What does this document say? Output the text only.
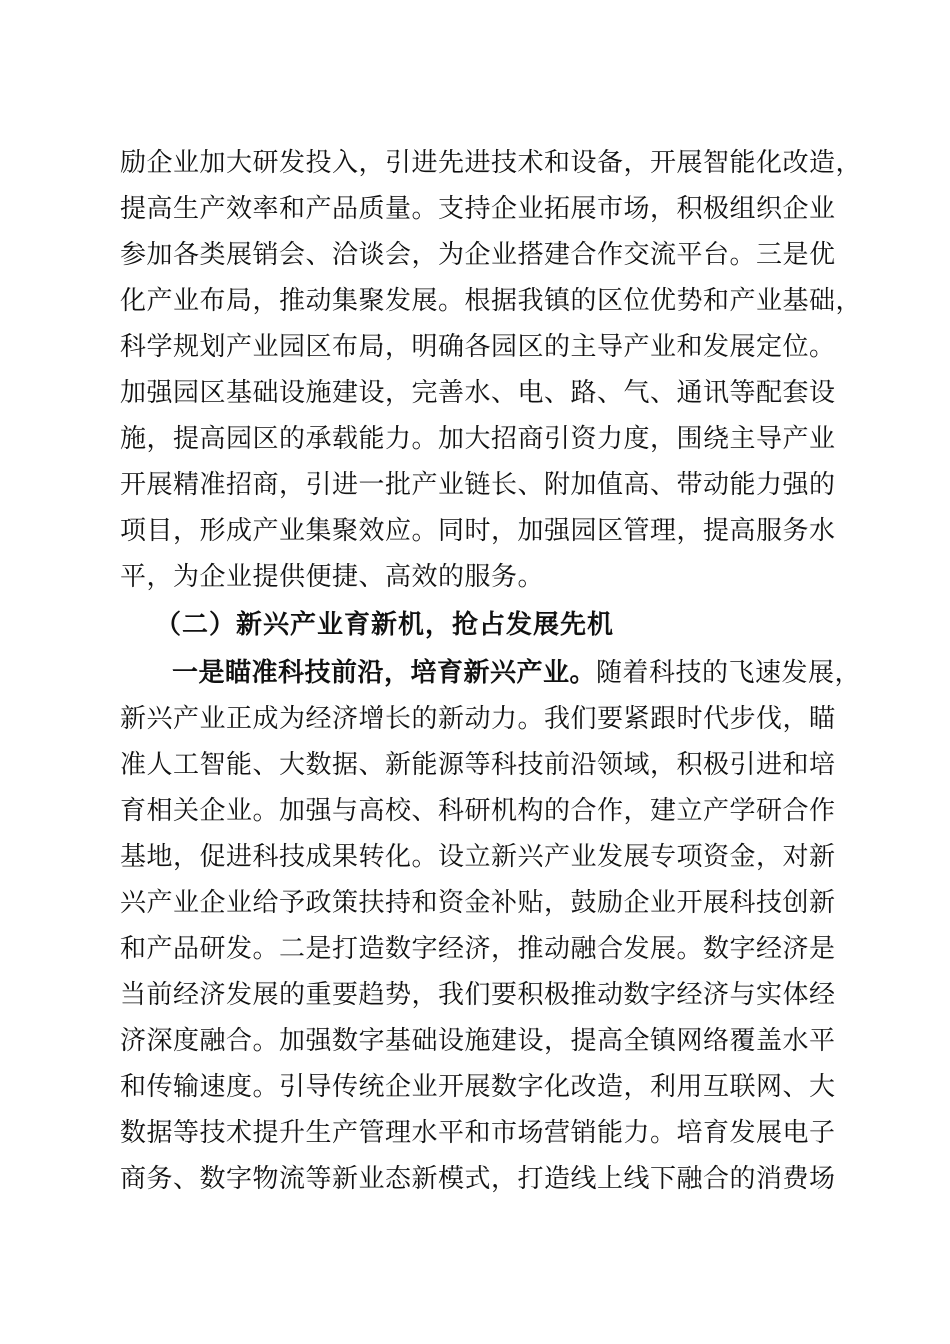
励企业加大研发投入，引进先进技术和设备，开展智能化改造，
提高生产效率和产品质量。支持企业拓展市场，积极组织企业
参加各类展销会、洽谈会，为企业搭建合作交流平台。三是优
化产业布局，推动集聚发展。根据我镇的区位优势和产业基础，
科学规划产业园区布局，明确各园区的主导产业和发展定位。
加强园区基础设施建设，完善水、电、路、气、通讯等配套设
施，提高园区的承载能力。加大招商引资力度，围绕主导产业
开展精准招商，引进一批产业链长、附加值高、带动能力强的
项目，形成产业集聚效应。同时，加强园区管理，提高服务水
平，为企业提供便捷、高效的服务。
（二）新兴产业育新机，抢占发展先机
一是瞄准科技前沿，培育新兴产业。随着科技的飞速发展，
新兴产业正成为经济增长的新动力。我们要紧跟时代步伐，瞄
准人工智能、大数据、新能源等科技前沿领域，积极引进和培
育相关企业。加强与高校、科研机构的合作，建立产学研合作
基地，促进科技成果转化。设立新兴产业发展专项资金，对新
兴产业企业给予政策扶持和资金补贴，鼓励企业开展科技创新
和产品研发。二是打造数字经济，推动融合发展。数字经济是
当前经济发展的重要趋势，我们要积极推动数字经济与实体经
济深度融合。加强数字基础设施建设，提高全镇网络覆盖水平
和传输速度。引导传统企业开展数字化改造，利用互联网、大
数据等技术提升生产管理水平和市场营销能力。培育发展电子
商务、数字物流等新业态新模式，打造线上线下融合的消费场
